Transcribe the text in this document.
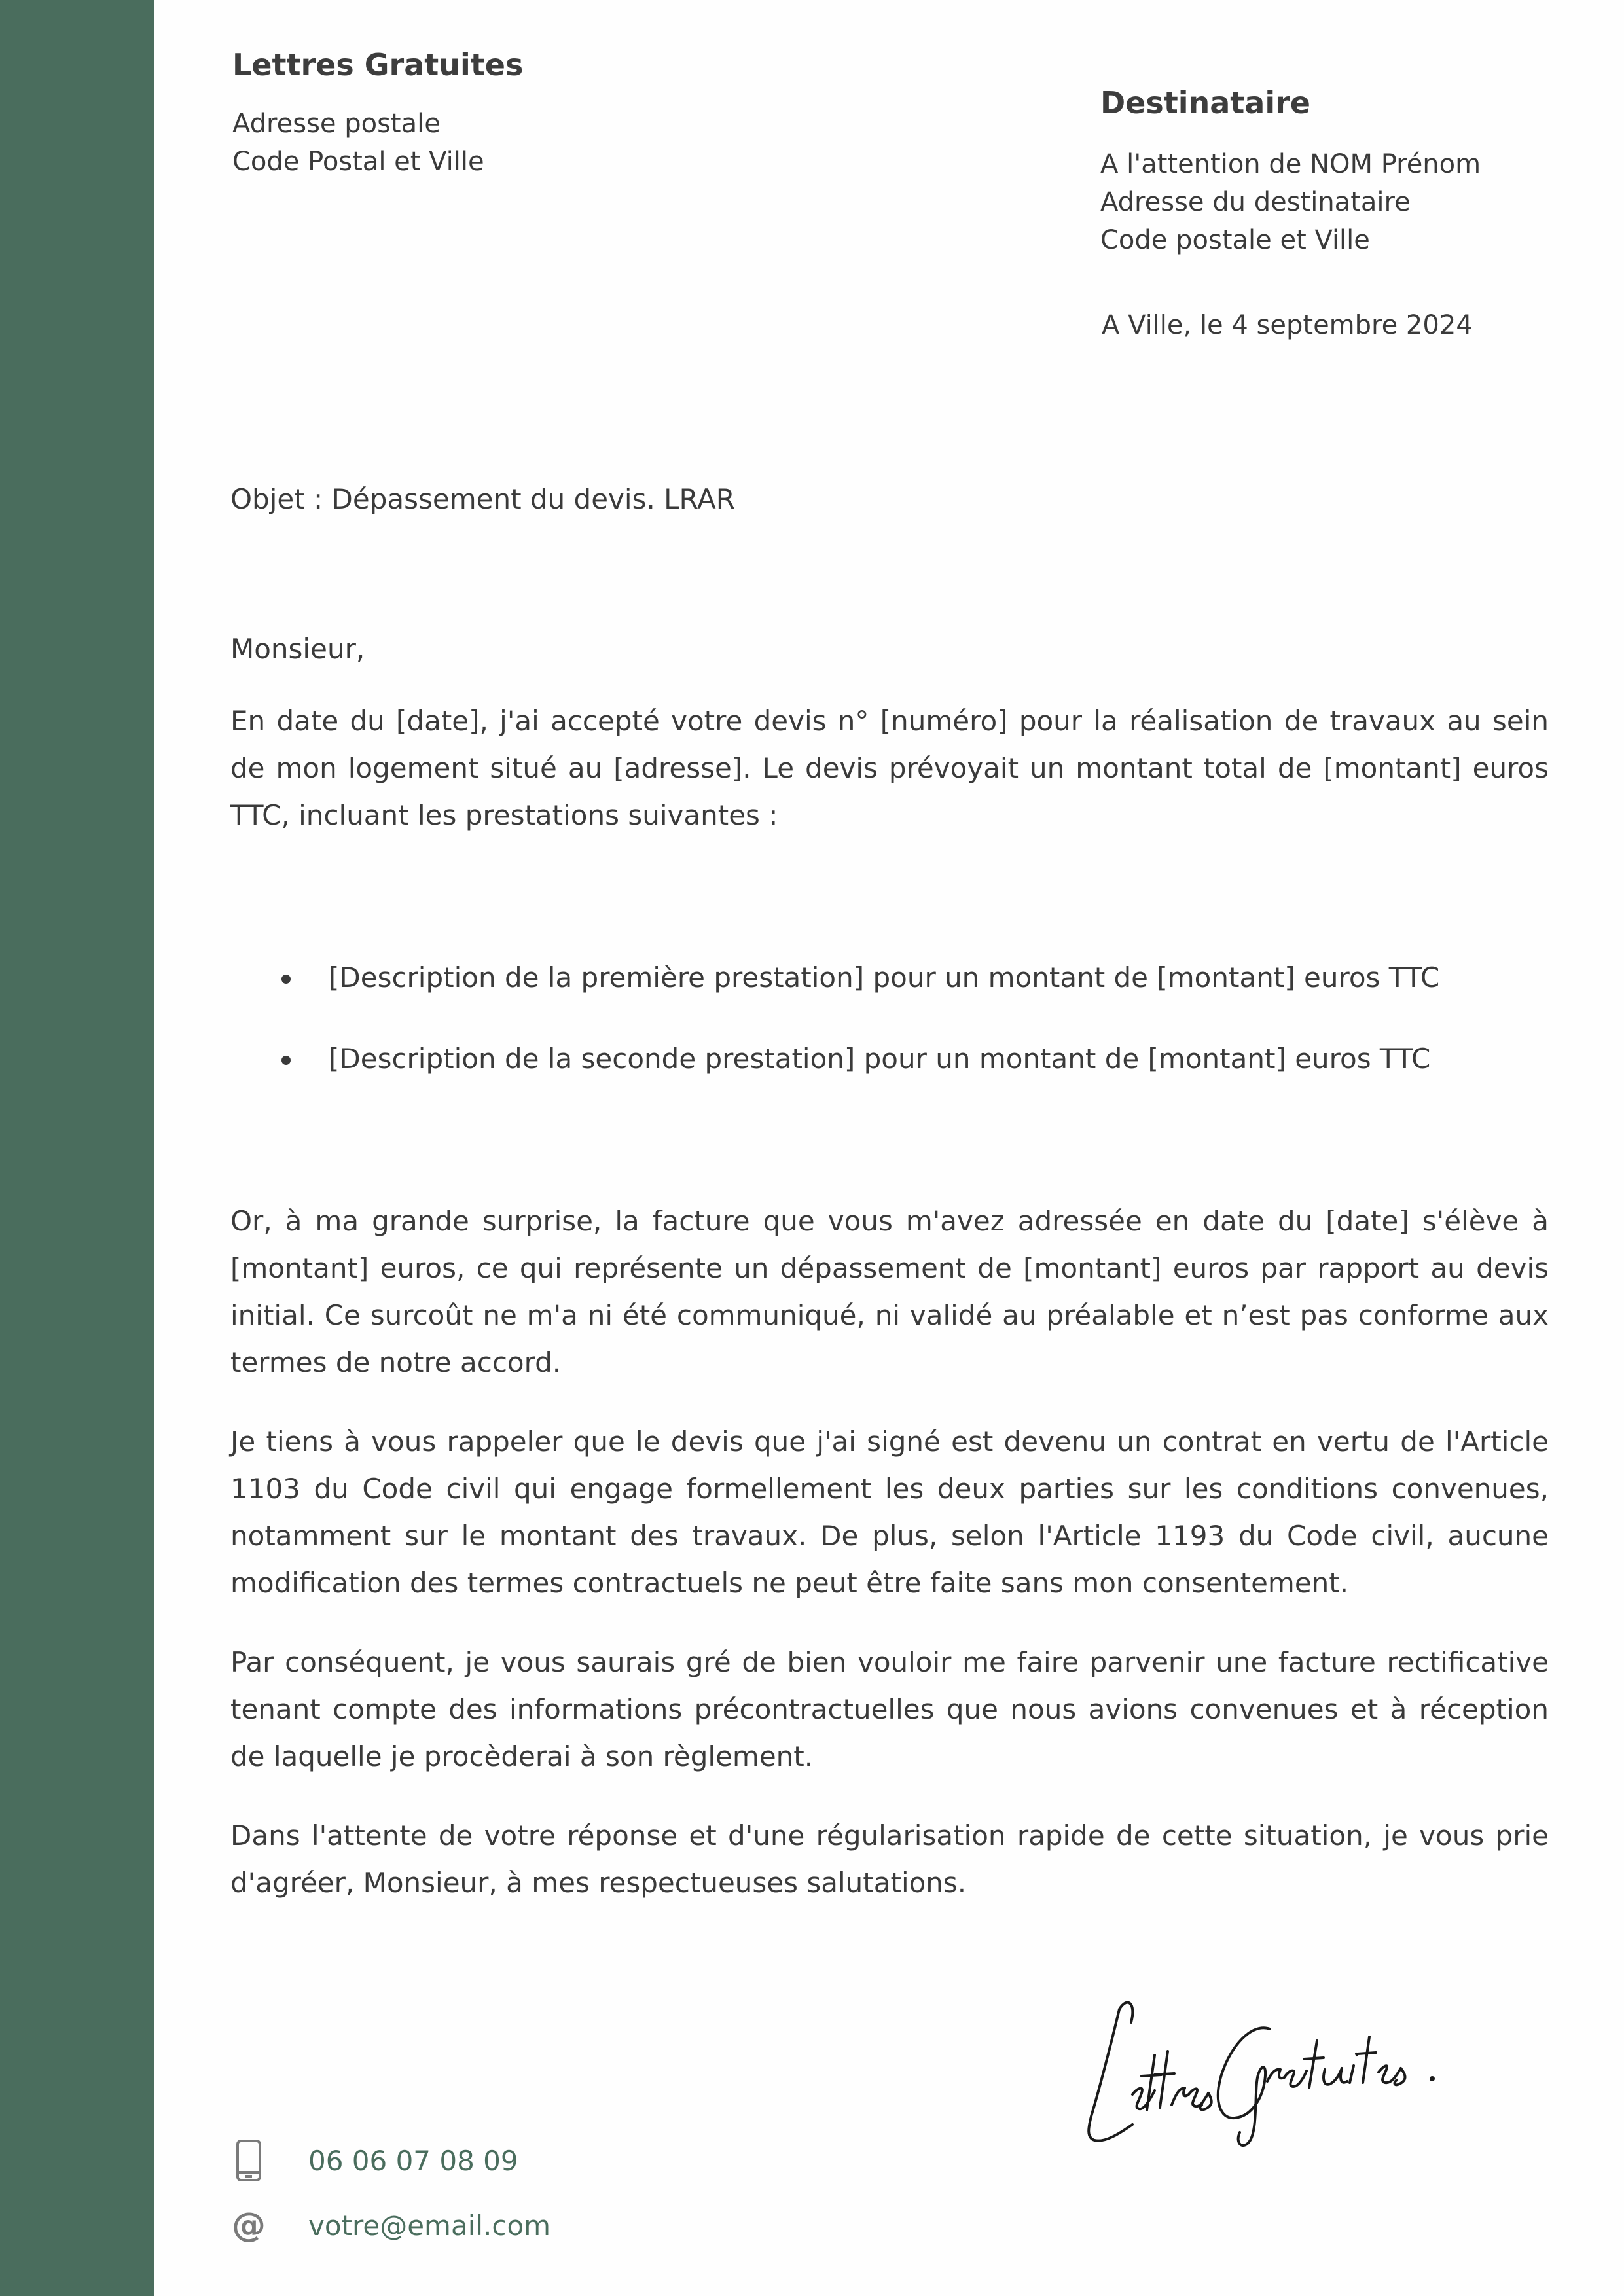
Lettres Gratuites
Adresse postale
Code Postal et Ville
Destinataire
A l'attention de NOM Prénom
Adresse du destinataire
Code postale et Ville
A Ville, le 4 septembre 2024
Objet : Dépassement du devis. LRAR

Monsieur,

En date du [date], j'ai accepté votre devis n° [numéro] pour la réalisation de travaux au sein de mon logement situé au [adresse]. Le devis prévoyait un montant total de [montant] euros TTC, incluant les prestations suivantes :

[Description de la première prestation] pour un montant de [montant] euros TTC
[Description de la seconde prestation] pour un montant de [montant] euros TTC

Or, à ma grande surprise, la facture que vous m'avez adressée en date du [date] s'élève à [montant] euros, ce qui représente un dépassement de [montant] euros par rapport au devis initial. Ce surcoût ne m'a ni été communiqué, ni validé au préalable et n’est pas conforme aux termes de notre accord.

Je tiens à vous rappeler que le devis que j'ai signé est devenu un contrat en vertu de l'Article 1103 du Code civil qui engage formellement les deux parties sur les conditions convenues, notamment sur le montant des travaux. De plus, selon l'Article 1193 du Code civil, aucune modification des termes contractuels ne peut être faite sans mon consentement.

Par conséquent, je vous saurais gré de bien vouloir me faire parvenir une facture rectificative tenant compte des informations précontractuelles que nous avions convenues et à réception de laquelle je procèderai à son règlement.

Dans l'attente de votre réponse et d'une régularisation rapide de cette situation, je vous prie d'agréer, Monsieur, à mes respectueuses salutations.

06 06 07 08 09
@ votre@email.com
